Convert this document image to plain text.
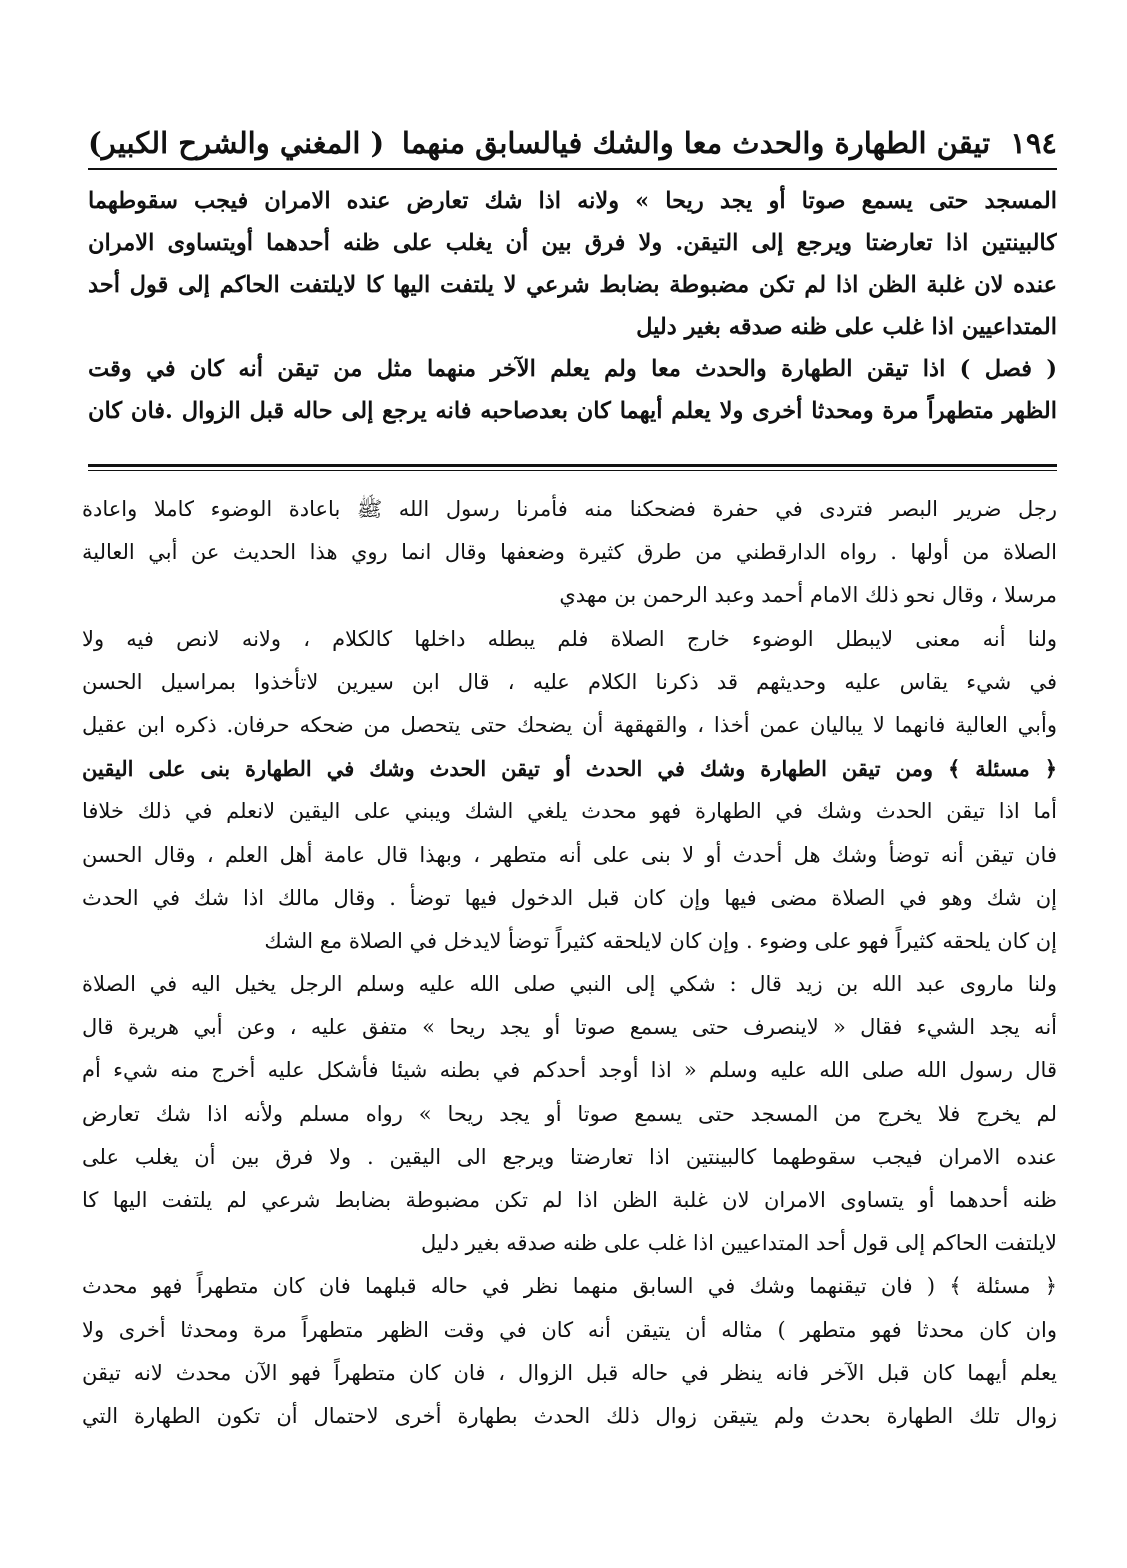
١٩٤
تيقن الطهارة والحدث معا والشك فيالسابق منهما
( المغني والشرح الكبير)
المسجد حتى يسمع صوتا أو يجد ريحا » ولانه اذا شك تعارض عنده الامران فيجب سقوطهما
كالبينتين اذا تعارضتا ويرجع إلى التيقن. ولا فرق بين أن يغلب على ظنه أحدهما أويتساوى الامران
عنده لان غلبة الظن اذا لم تكن مضبوطة بضابط شرعي لا يلتفت اليها كا لايلتفت الحاكم إلى قول أحد
المتداعيين اذا غلب على ظنه صدقه بغير دليل
( فصل ) اذا تيقن الطهارة والحدث معا ولم يعلم الآخر منهما مثل من تيقن أنه كان في وقت
الظهر متطهراً مرة ومحدثا أخرى ولا يعلم أيهما كان بعدصاحبه فانه يرجع إلى حاله قبل الزوال .فان كان
رجل ضرير البصر فتردى في حفرة فضحكنا منه فأمرنا رسول الله ﷺ باعادة الوضوء كاملا واعادة
الصلاة من أولها . رواه الدارقطني من طرق كثيرة وضعفها وقال انما روي هذا الحديث عن أبي العالية
مرسلا ، وقال نحو ذلك الامام أحمد وعبد الرحمن بن مهدي
ولنا أنه معنى لايبطل الوضوء خارج الصلاة فلم يبطله داخلها كالكلام ، ولانه لانص فيه ولا
في شيء يقاس عليه وحديثهم قد ذكرنا الكلام عليه ، قال ابن سيرين لاتأخذوا بمراسيل الحسن
وأبي العالية فانهما لا يباليان عمن أخذا ، والقهقهة أن يضحك حتى يتحصل من ضحكه حرفان. ذكره ابن عقيل
﴿ مسئلة ﴾ ومن تيقن الطهارة وشك في الحدث أو تيقن الحدث وشك في الطهارة بنى على اليقين
أما اذا تيقن الحدث وشك في الطهارة فهو محدث يلغي الشك ويبني على اليقين لانعلم في ذلك خلافا
فان تيقن أنه توضأ وشك هل أحدث أو لا بنى على أنه متطهر ، وبهذا قال عامة أهل العلم ، وقال الحسن
إن شك وهو في الصلاة مضى فيها وإن كان قبل الدخول فيها توضأ . وقال مالك اذا شك في الحدث
إن كان يلحقه كثيراً فهو على وضوء . وإن كان لايلحقه كثيراً توضأ لايدخل في الصلاة مع الشك
ولنا ماروى عبد الله بن زيد قال : شكي إلى النبي صلى الله عليه وسلم الرجل يخيل اليه في الصلاة
أنه يجد الشيء فقال « لاينصرف حتى يسمع صوتا أو يجد ريحا » متفق عليه ، وعن أبي هريرة قال
قال رسول الله صلى الله عليه وسلم « اذا أوجد أحدكم في بطنه شيئا فأشكل عليه أخرج منه شيء أم
لم يخرج فلا يخرج من المسجد حتى يسمع صوتا أو يجد ريحا » رواه مسلم ولأنه اذا شك تعارض
عنده الامران فيجب سقوطهما كالبينتين اذا تعارضتا ويرجع الى اليقين . ولا فرق بين أن يغلب على
ظنه أحدهما أو يتساوى الامران لان غلبة الظن اذا لم تكن مضبوطة بضابط شرعي لم يلتفت اليها كا
لايلتفت الحاكم إلى قول أحد المتداعيين اذا غلب على ظنه صدقه بغير دليل
﴿ مسئلة ﴾ ( فان تيقنهما وشك في السابق منهما نظر في حاله قبلهما فان كان متطهراً فهو محدث
وان كان محدثا فهو متطهر ) مثاله أن يتيقن أنه كان في وقت الظهر متطهراً مرة ومحدثا أخرى ولا
يعلم أيهما كان قبل الآخر فانه ينظر في حاله قبل الزوال ، فان كان متطهراً فهو الآن محدث لانه تيقن
زوال تلك الطهارة بحدث ولم يتيقن زوال ذلك الحدث بطهارة أخرى لاحتمال أن تكون الطهارة التي
